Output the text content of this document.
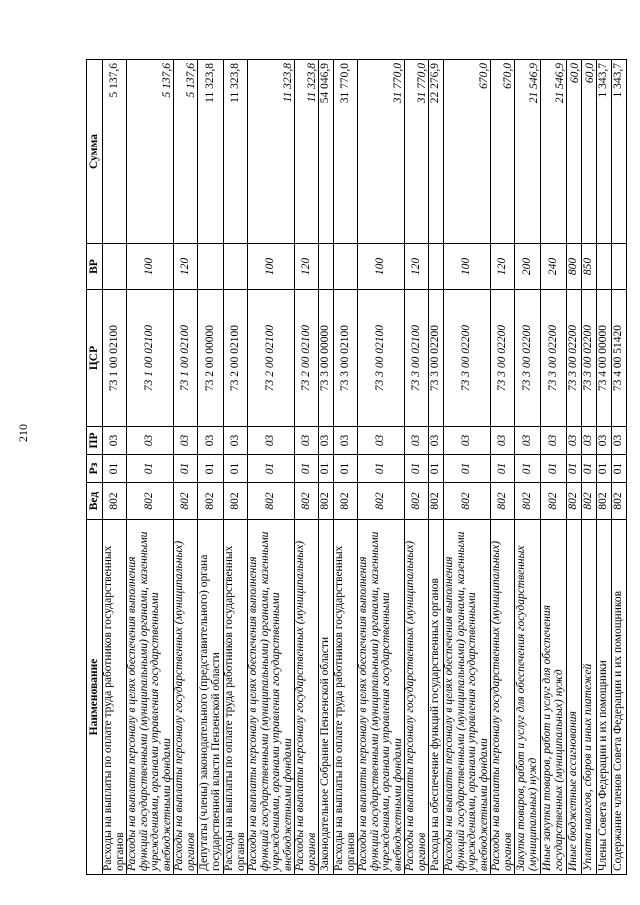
210
Наименование	Вед	Рз	ПР	ЦСР	ВР	Сумма
Расходы на выплаты по оплате труда работников государственных органов	802	01	03	73 1 00 02100		5 137,6
Расходы на выплаты персоналу в целях обеспечения выполнения функций государственными (муниципальными) органами, казенными учреждениями, органами управления государственными внебюджетными фондами	802	01	03	73 1 00 02100	100	5 137,6
Расходы на выплаты персоналу государственных (муниципальных) органов	802	01	03	73 1 00 02100	120	5 137,6
Депутаты (члены) законодательного (представительного) органа государственной власти Пензенской области	802	01	03	73 2 00 00000		11 323,8
Расходы на выплаты по оплате труда работников государственных органов	802	01	03	73 2 00 02100		11 323,8
Расходы на выплаты персоналу в целях обеспечения выполнения функций государственными (муниципальными) органами, казенными учреждениями, органами управления государственными внебюджетными фондами	802	01	03	73 2 00 02100	100	11 323,8
Расходы на выплаты персоналу государственных (муниципальных) органов	802	01	03	73 2 00 02100	120	11 323,8
Законодательное Собрание Пензенской области	802	01	03	73 3 00 00000		54 046,9
Расходы на выплаты по оплате труда работников государственных органов	802	01	03	73 3 00 02100		31 770,0
Расходы на выплаты персоналу в целях обеспечения выполнения функций государственными (муниципальными) органами, казенными учреждениями, органами управления государственными внебюджетными фондами	802	01	03	73 3 00 02100	100	31 770,0
Расходы на выплаты персоналу государственных (муниципальных) органов	802	01	03	73 3 00 02100	120	31 770,0
Расходы на обеспечение функций государственных органов	802	01	03	73 3 00 02200		22 276,9
Расходы на выплаты персоналу в целях обеспечения выполнения функций государственными (муниципальными) органами, казенными учреждениями, органами управления государственными внебюджетными фондами	802	01	03	73 3 00 02200	100	670,0
Расходы на выплаты персоналу государственных (муниципальных) органов	802	01	03	73 3 00 02200	120	670,0
Закупка товаров, работ и услуг для обеспечения государственных (муниципальных) нужд	802	01	03	73 3 00 02200	200	21 546,9
Иные закупки товаров, работ и услуг для обеспечения государственных (муниципальных) нужд	802	01	03	73 3 00 02200	240	21 546,9
Иные бюджетные ассигнования	802	01	03	73 3 00 02200	800	60,0
Уплата налогов, сборов и иных платежей	802	01	03	73 3 00 02200	850	60,0
Члены Совета Федерации и их помощники	802	01	03	73 4 00 00000		1 343,7
Содержание членов Совета Федерации и их помощников	802	01	03	73 4 00 51420		1 343,7
